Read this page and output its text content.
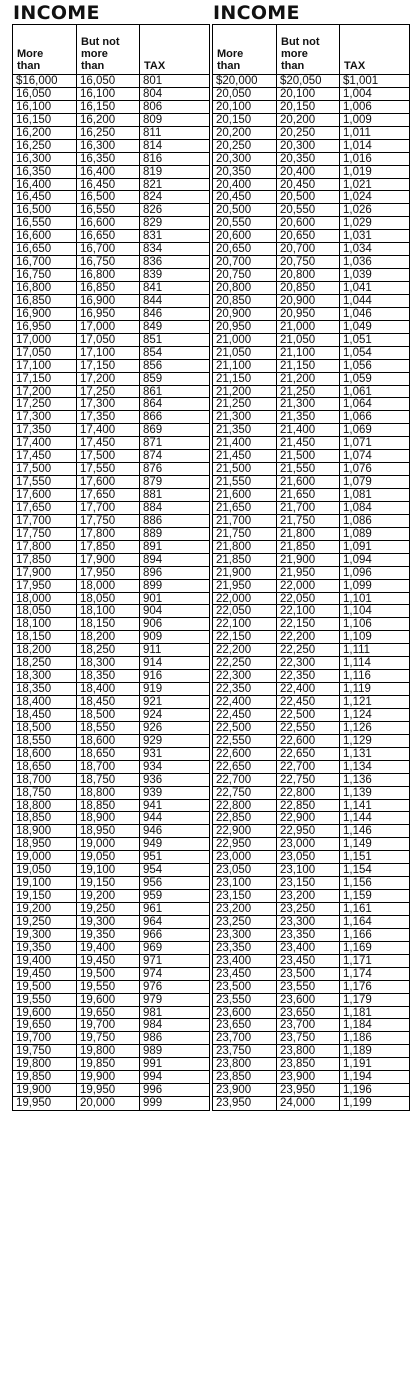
INCOME
More
than
But not
more
than	TAX
$16,000	16,050	801
16,050	16,100	804
16,100	16,150	806
16,150	16,200	809
16,200	16,250	811
16,250	16,300	814
16,300	16,350	816
16,350	16,400	819
16,400	16,450	821
16,450	16,500	824
16,500	16,550	826
16,550	16,600	829
16,600	16,650	831
16,650	16,700	834
16,700	16,750	836
16,750	16,800	839
16,800	16,850	841
16,850	16,900	844
16,900	16,950	846
16,950	17,000	849
17,000	17,050	851
17,050	17,100	854
17,100	17,150	856
17,150	17,200	859
17,200	17,250	861
17,250	17,300	864
17,300	17,350	866
17,350	17,400	869
17,400	17,450	871
17,450	17,500	874
17,500	17,550	876
17,550	17,600	879
17,600	17,650	881
17,650	17,700	884
17,700	17,750	886
17,750	17,800	889
17,800	17,850	891
17,850	17,900	894
17,900	17,950	896
17,950	18,000	899
18,000	18,050	901
18,050	18,100	904
18,100	18,150	906
18,150	18,200	909
18,200	18,250	911
18,250	18,300	914
18,300	18,350	916
18,350	18,400	919
18,400	18,450	921
18,450	18,500	924
18,500	18,550	926
18,550	18,600	929
18,600	18,650	931
18,650	18,700	934
18,700	18,750	936
18,750	18,800	939
18,800	18,850	941
18,850	18,900	944
18,900	18,950	946
18,950	19,000	949
19,000	19,050	951
19,050	19,100	954
19,100	19,150	956
19,150	19,200	959
19,200	19,250	961
19,250	19,300	964
19,300	19,350	966
19,350	19,400	969
19,400	19,450	971
19,450	19,500	974
19,500	19,550	976
19,550	19,600	979
19,600	19,650	981
19,650	19,700	984
19,700	19,750	986
19,750	19,800	989
19,800	19,850	991
19,850	19,900	994
19,900	19,950	996
19,950	20,000	999
INCOME
More
than
But not
more
than	TAX
$20,000	$20,050	$1,001
20,050	20,100	1,004
20,100	20,150	1,006
20,150	20,200	1,009
20,200	20,250	1,011
20,250	20,300	1,014
20,300	20,350	1,016
20,350	20,400	1,019
20,400	20,450	1,021
20,450	20,500	1,024
20,500	20,550	1,026
20,550	20,600	1,029
20,600	20,650	1,031
20,650	20,700	1,034
20,700	20,750	1,036
20,750	20,800	1,039
20,800	20,850	1,041
20,850	20,900	1,044
20,900	20,950	1,046
20,950	21,000	1,049
21,000	21,050	1,051
21,050	21,100	1,054
21,100	21,150	1,056
21,150	21,200	1,059
21,200	21,250	1,061
21,250	21,300	1,064
21,300	21,350	1,066
21,350	21,400	1,069
21,400	21,450	1,071
21,450	21,500	1,074
21,500	21,550	1,076
21,550	21,600	1,079
21,600	21,650	1,081
21,650	21,700	1,084
21,700	21,750	1,086
21,750	21,800	1,089
21,800	21,850	1,091
21,850	21,900	1,094
21,900	21,950	1,096
21,950	22,000	1,099
22,000	22,050	1,101
22,050	22,100	1,104
22,100	22,150	1,106
22,150	22,200	1,109
22,200	22,250	1,111
22,250	22,300	1,114
22,300	22,350	1,116
22,350	22,400	1,119
22,400	22,450	1,121
22,450	22,500	1,124
22,500	22,550	1,126
22,550	22,600	1,129
22,600	22,650	1,131
22,650	22,700	1,134
22,700	22,750	1,136
22,750	22,800	1,139
22,800	22,850	1,141
22,850	22,900	1,144
22,900	22,950	1,146
22,950	23,000	1,149
23,000	23,050	1,151
23,050	23,100	1,154
23,100	23,150	1,156
23,150	23,200	1,159
23,200	23,250	1,161
23,250	23,300	1,164
23,300	23,350	1,166
23,350	23,400	1,169
23,400	23,450	1,171
23,450	23,500	1,174
23,500	23,550	1,176
23,550	23,600	1,179
23,600	23,650	1,181
23,650	23,700	1,184
23,700	23,750	1,186
23,750	23,800	1,189
23,800	23,850	1,191
23,850	23,900	1,194
23,900	23,950	1,196
23,950	24,000	1,199
